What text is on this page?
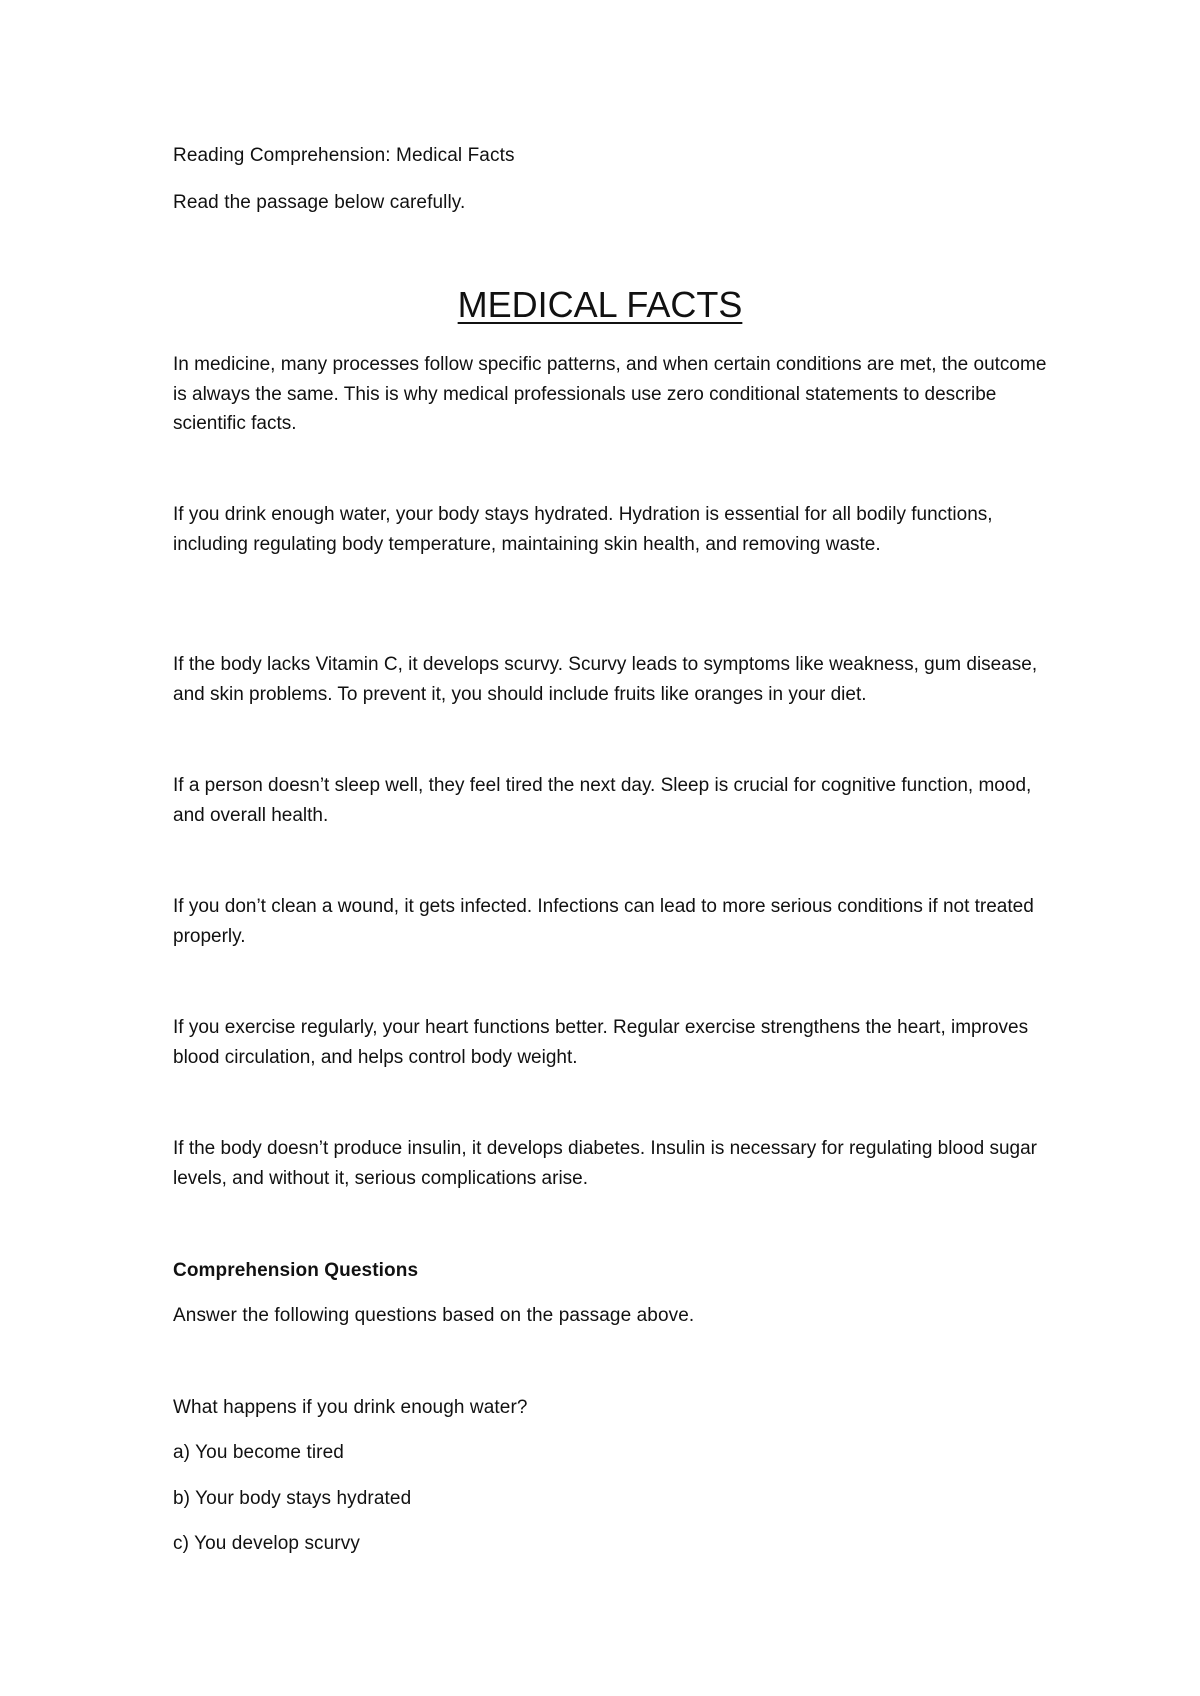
Reading Comprehension: Medical Facts
Read the passage below carefully.
MEDICAL FACTS

In medicine, many processes follow specific patterns, and when certain conditions are met, the outcome is always the same. This is why medical professionals use zero conditional statements to describe scientific facts.

If you drink enough water, your body stays hydrated. Hydration is essential for all bodily functions, including regulating body temperature, maintaining skin health, and removing waste.

If the body lacks Vitamin C, it develops scurvy. Scurvy leads to symptoms like weakness, gum disease, and skin problems. To prevent it, you should include fruits like oranges in your diet.

If a person doesn’t sleep well, they feel tired the next day. Sleep is crucial for cognitive function, mood, and overall health.

If you don’t clean a wound, it gets infected. Infections can lead to more serious conditions if not treated properly.

If you exercise regularly, your heart functions better. Regular exercise strengthens the heart, improves blood circulation, and helps control body weight.

If the body doesn’t produce insulin, it develops diabetes. Insulin is necessary for regulating blood sugar levels, and without it, serious complications arise.

Comprehension Questions
Answer the following questions based on the passage above.
What happens if you drink enough water?
a) You become tired
b) Your body stays hydrated
c) You develop scurvy
